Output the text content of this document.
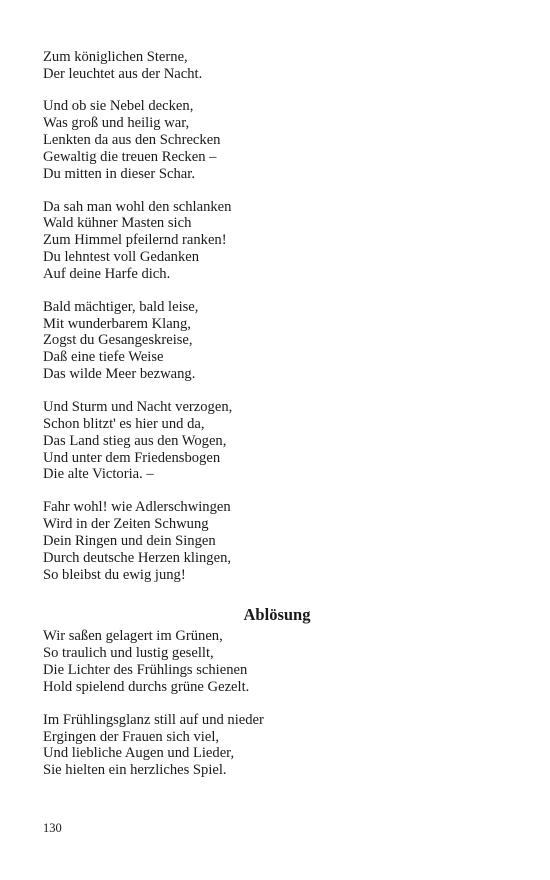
Zum königlichen Sterne,
Der leuchtet aus der Nacht.
Und ob sie Nebel decken,
Was groß und heilig war,
Lenkten da aus den Schrecken
Gewaltig die treuen Recken –
Du mitten in dieser Schar.
Da sah man wohl den schlanken
Wald kühner Masten sich
Zum Himmel pfeilernd ranken!
Du lehntest voll Gedanken
Auf deine Harfe dich.
Bald mächtiger, bald leise,
Mit wunderbarem Klang,
Zogst du Gesangeskreise,
Daß eine tiefe Weise
Das wilde Meer bezwang.
Und Sturm und Nacht verzogen,
Schon blitzt' es hier und da,
Das Land stieg aus den Wogen,
Und unter dem Friedensbogen
Die alte Victoria. –
Fahr wohl! wie Adlerschwingen
Wird in der Zeiten Schwung
Dein Ringen und dein Singen
Durch deutsche Herzen klingen,
So bleibst du ewig jung!
Ablösung
Wir saßen gelagert im Grünen,
So traulich und lustig gesellt,
Die Lichter des Frühlings schienen
Hold spielend durchs grüne Gezelt.
Im Frühlingsglanz still auf und nieder
Ergingen der Frauen sich viel,
Und liebliche Augen und Lieder,
Sie hielten ein herzliches Spiel.
130
